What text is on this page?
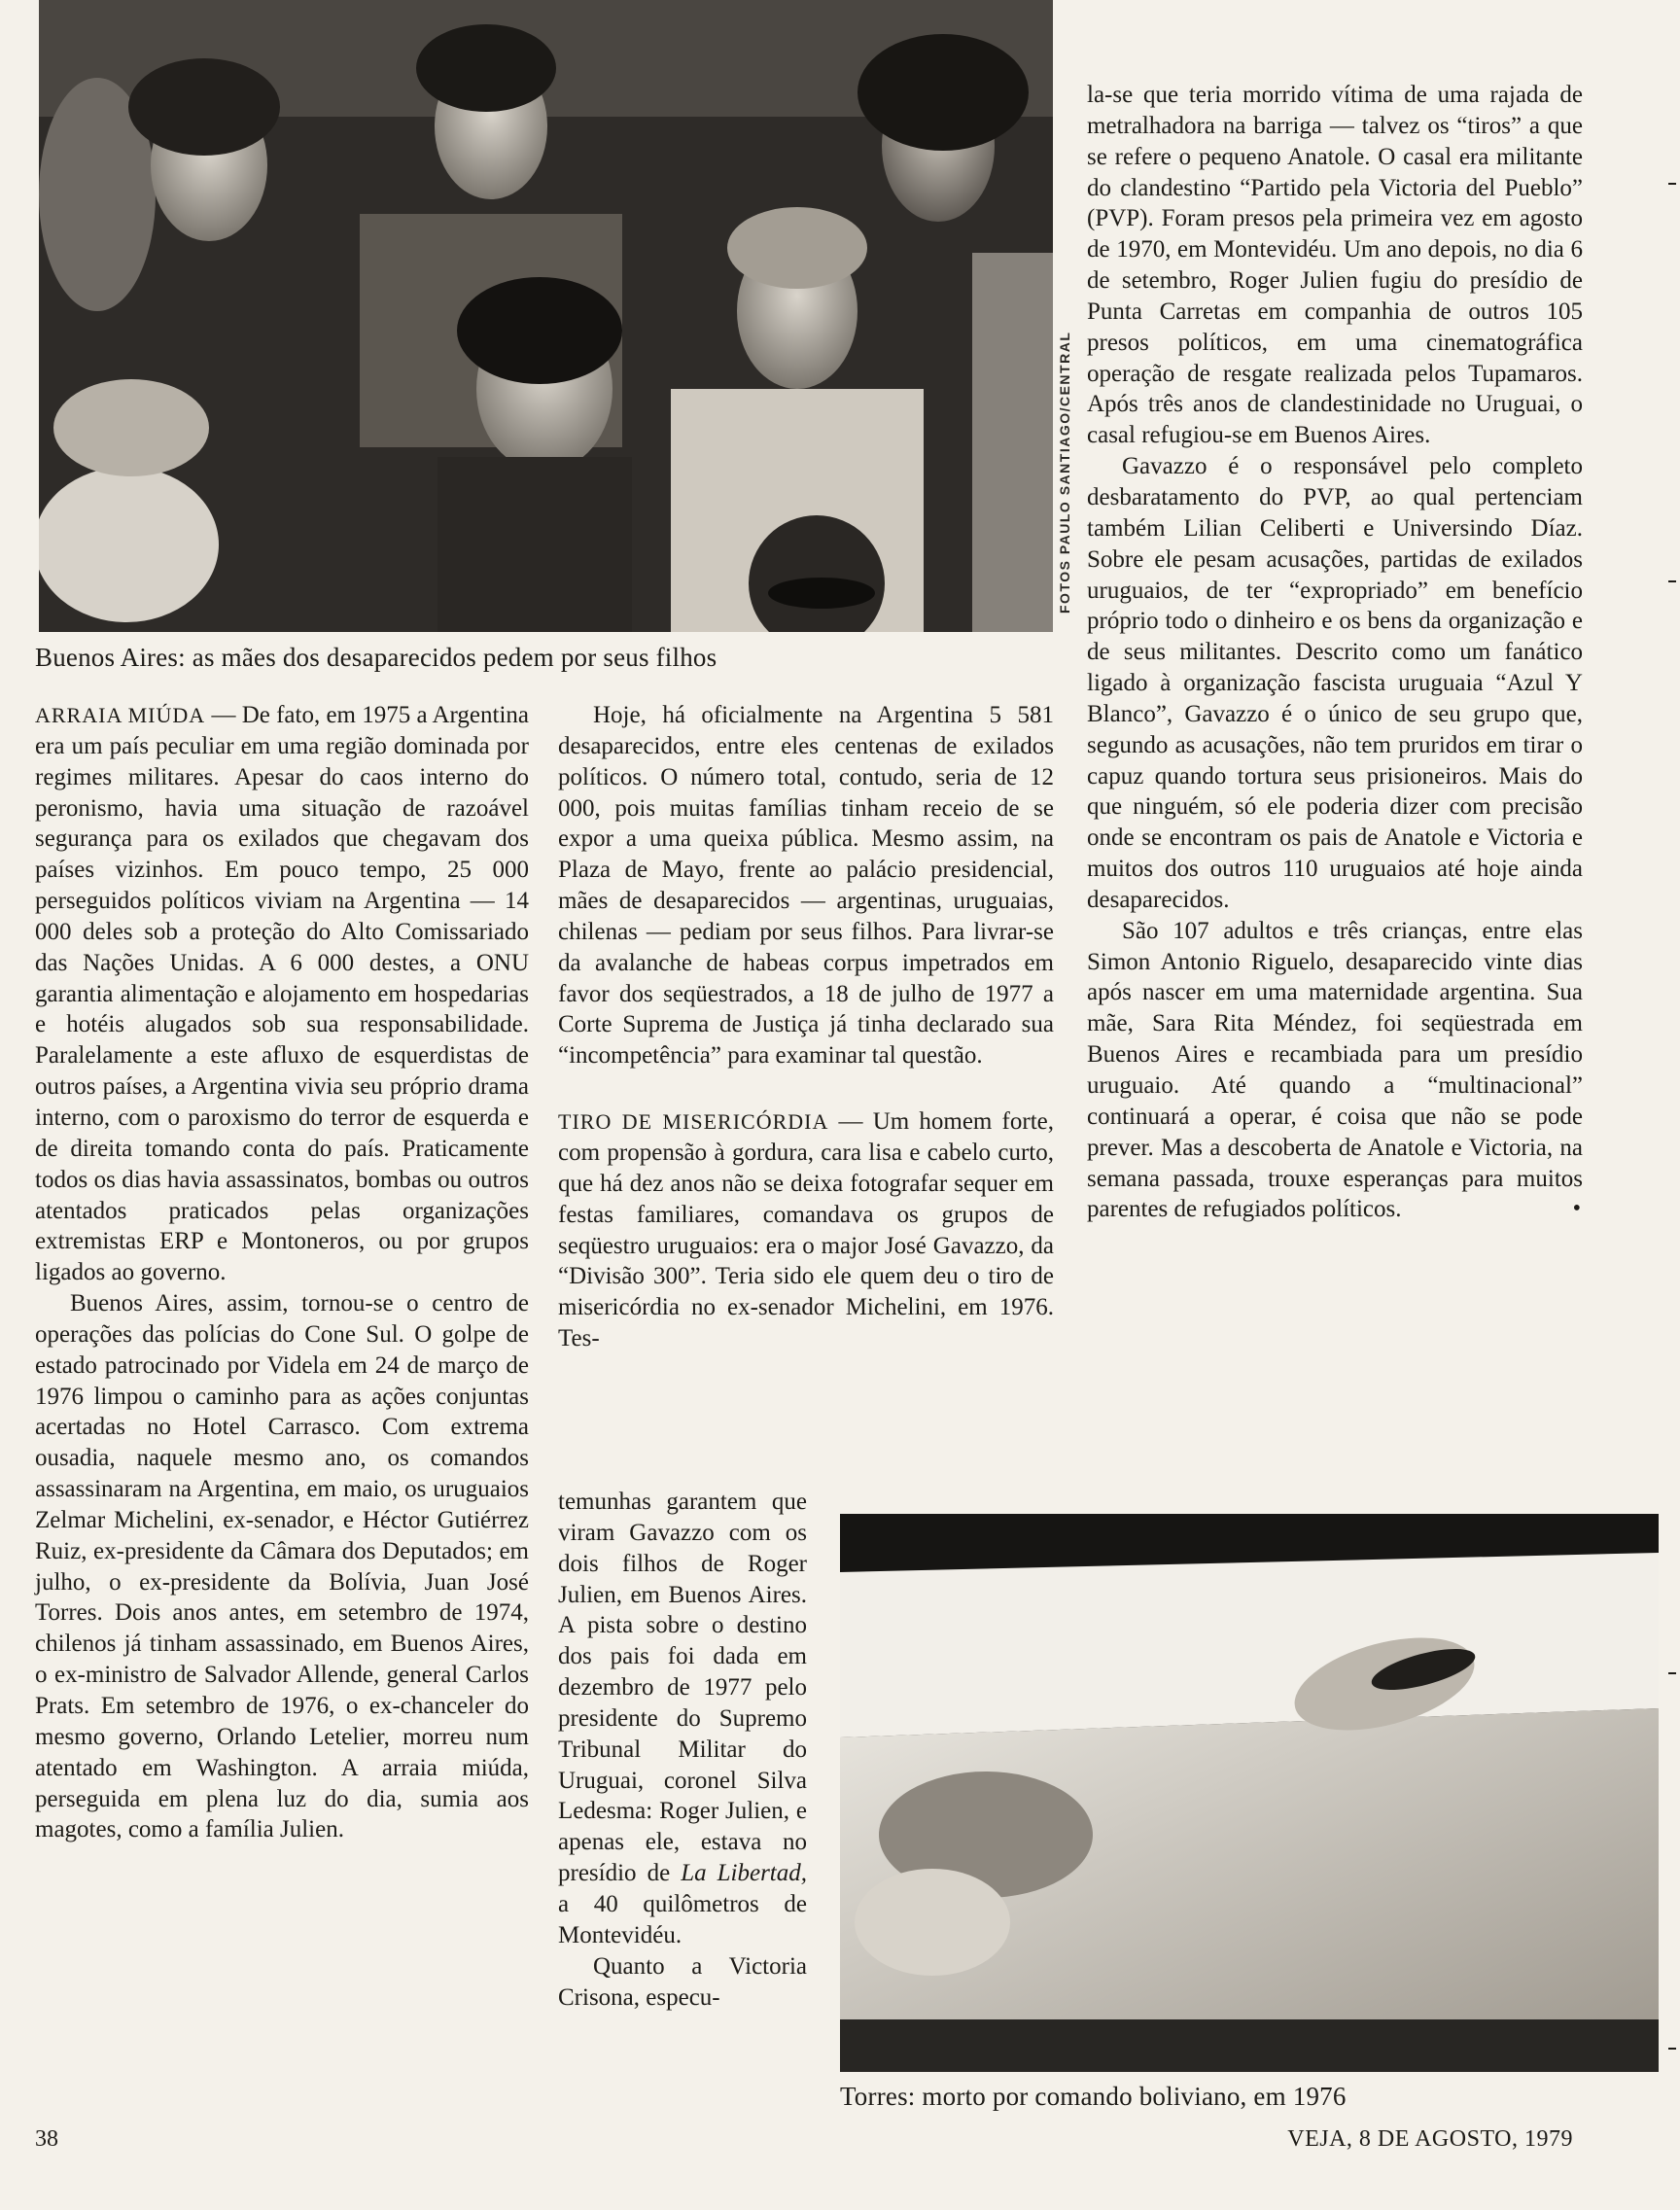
FOTOS PAULO SANTIAGO/CENTRAL

Buenos Aires: as mães dos desaparecidos pedem por seus filhos

ARRAIA MIÚDA — De fato, em 1975 a Argentina era um país peculiar em uma região dominada por regimes militares. Apesar do caos interno do peronismo, havia uma situação de razoável segurança para os exilados que chegavam dos países vizinhos. Em pouco tempo, 25 000 perseguidos políticos viviam na Argentina — 14 000 deles sob a proteção do Alto Comissariado das Nações Unidas. A 6 000 destes, a ONU garantia alimentação e alojamento em hospedarias e hotéis alugados sob sua responsabilidade. Paralelamente a este afluxo de esquerdistas de outros países, a Argentina vivia seu próprio drama interno, com o paroxismo do terror de esquerda e de direita tomando conta do país. Praticamente todos os dias havia assassinatos, bombas ou outros atentados praticados pelas organizações extremistas ERP e Montoneros, ou por grupos ligados ao governo.

Buenos Aires, assim, tornou-se o centro de operações das polícias do Cone Sul. O golpe de estado patrocinado por Videla em 24 de março de 1976 limpou o caminho para as ações conjuntas acertadas no Hotel Carrasco. Com extrema ousadia, naquele mesmo ano, os comandos assassinaram na Argentina, em maio, os uruguaios Zelmar Michelini, ex-senador, e Héctor Gutiérrez Ruiz, ex-presidente da Câmara dos Deputados; em julho, o ex-presidente da Bolívia, Juan José Torres. Dois anos antes, em setembro de 1974, chilenos já tinham assassinado, em Buenos Aires, o ex-ministro de Salvador Allende, general Carlos Prats. Em setembro de 1976, o ex-chanceler do mesmo governo, Orlando Letelier, morreu num atentado em Washington. A arraia miúda, perseguida em plena luz do dia, sumia aos magotes, como a família Julien.

Hoje, há oficialmente na Argentina 5 581 desaparecidos, entre eles centenas de exilados políticos. O número total, contudo, seria de 12 000, pois muitas famílias tinham receio de se expor a uma queixa pública. Mesmo assim, na Plaza de Mayo, frente ao palácio presidencial, mães de desaparecidos — argentinas, uruguaias, chilenas — pediam por seus filhos. Para livrar-se da avalanche de habeas corpus impetrados em favor dos seqüestrados, a 18 de julho de 1977 a Corte Suprema de Justiça já tinha declarado sua “incompetência” para examinar tal questão.

TIRO DE MISERICÓRDIA — Um homem forte, com propensão à gordura, cara lisa e cabelo curto, que há dez anos não se deixa fotografar sequer em festas familiares, comandava os grupos de seqüestro uruguaios: era o major José Gavazzo, da “Divisão 300”. Teria sido ele quem deu o tiro de misericórdia no ex-senador Michelini, em 1976. Tes-

temunhas garantem que viram Gavazzo com os dois filhos de Roger Julien, em Buenos Aires. A pista sobre o destino dos pais foi dada em dezembro de 1977 pelo presidente do Supremo Tribunal Militar do Uruguai, coronel Silva Ledesma: Roger Julien, e apenas ele, estava no presídio de La Libertad, a 40 quilômetros de Montevidéu.

Quanto a Victoria Crisona, especu-

la-se que teria morrido vítima de uma rajada de metralhadora na barriga — talvez os “tiros” a que se refere o pequeno Anatole. O casal era militante do clandestino “Partido pela Victoria del Pueblo” (PVP). Foram presos pela primeira vez em agosto de 1970, em Montevidéu. Um ano depois, no dia 6 de setembro, Roger Julien fugiu do presídio de Punta Carretas em companhia de outros 105 presos políticos, em uma cinematográfica operação de resgate realizada pelos Tupamaros. Após três anos de clandestinidade no Uruguai, o casal refugiou-se em Buenos Aires.

Gavazzo é o responsável pelo completo desbaratamento do PVP, ao qual pertenciam também Lilian Celiberti e Universindo Díaz. Sobre ele pesam acusações, partidas de exilados uruguaios, de ter “expropriado” em benefício próprio todo o dinheiro e os bens da organização e de seus militantes. Descrito como um fanático ligado à organização fascista uruguaia “Azul Y Blanco”, Gavazzo é o único de seu grupo que, segundo as acusações, não tem pruridos em tirar o capuz quando tortura seus prisioneiros. Mais do que ninguém, só ele poderia dizer com precisão onde se encontram os pais de Anatole e Victoria e muitos dos outros 110 uruguaios até hoje ainda desaparecidos.

São 107 adultos e três crianças, entre elas Simon Antonio Riguelo, desaparecido vinte dias após nascer em uma maternidade argentina. Sua mãe, Sara Rita Méndez, foi seqüestrada em Buenos Aires e recambiada para um presídio uruguaio. Até quando a “multinacional” continuará a operar, é coisa que não se pode prever. Mas a descoberta de Anatole e Victoria, na semana passada, trouxe esperanças para muitos parentes de refugiados políticos.	•

Torres: morto por comando boliviano, em 1976

38	VEJA, 8 DE AGOSTO, 1979
